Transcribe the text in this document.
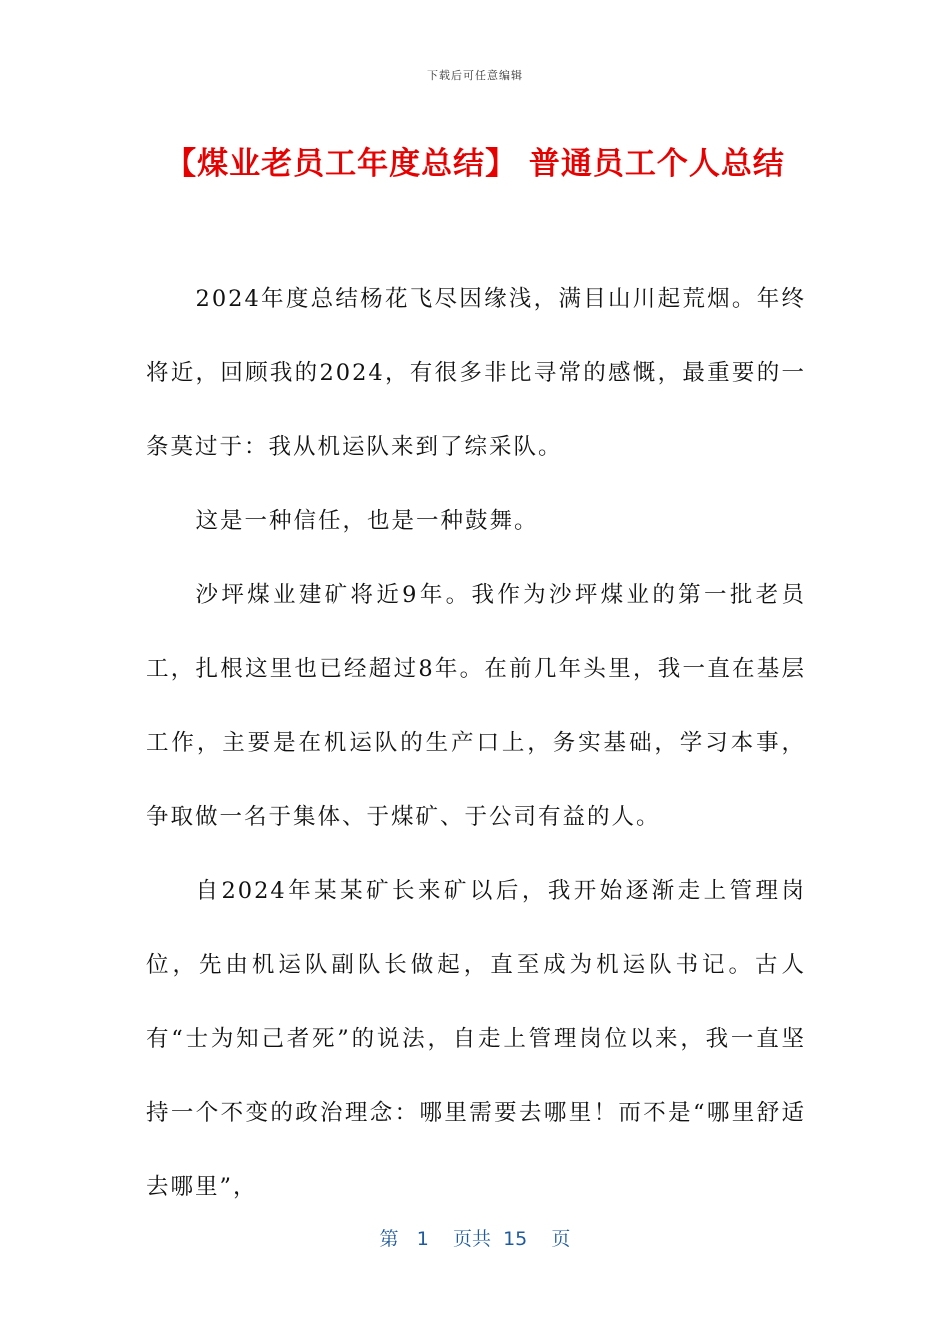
下载后可任意编辑
【煤业老员工年度总结】 普通员工个人总结

2024年度总结杨花飞尽因缘浅，满目山川起荒烟。年终将近，回顾我的2024，有很多非比寻常的感慨，最重要的一条莫过于：我从机运队来到了综采队。

这是一种信任，也是一种鼓舞。

沙坪煤业建矿将近9年。我作为沙坪煤业的第一批老员工，扎根这里也已经超过8年。在前几年头里，我一直在基层工作，主要是在机运队的生产口上，务实基础，学习本事，争取做一名于集体、于煤矿、于公司有益的人。

自2024年某某矿长来矿以后，我开始逐渐走上管理岗位，先由机运队副队长做起，直至成为机运队书记。古人有“士为知己者死”的说法，自走上管理岗位以来，我一直坚持一个不变的政治理念：哪里需要去哪里！而不是“哪里舒适去哪里”，

第 1 页共 15 页
